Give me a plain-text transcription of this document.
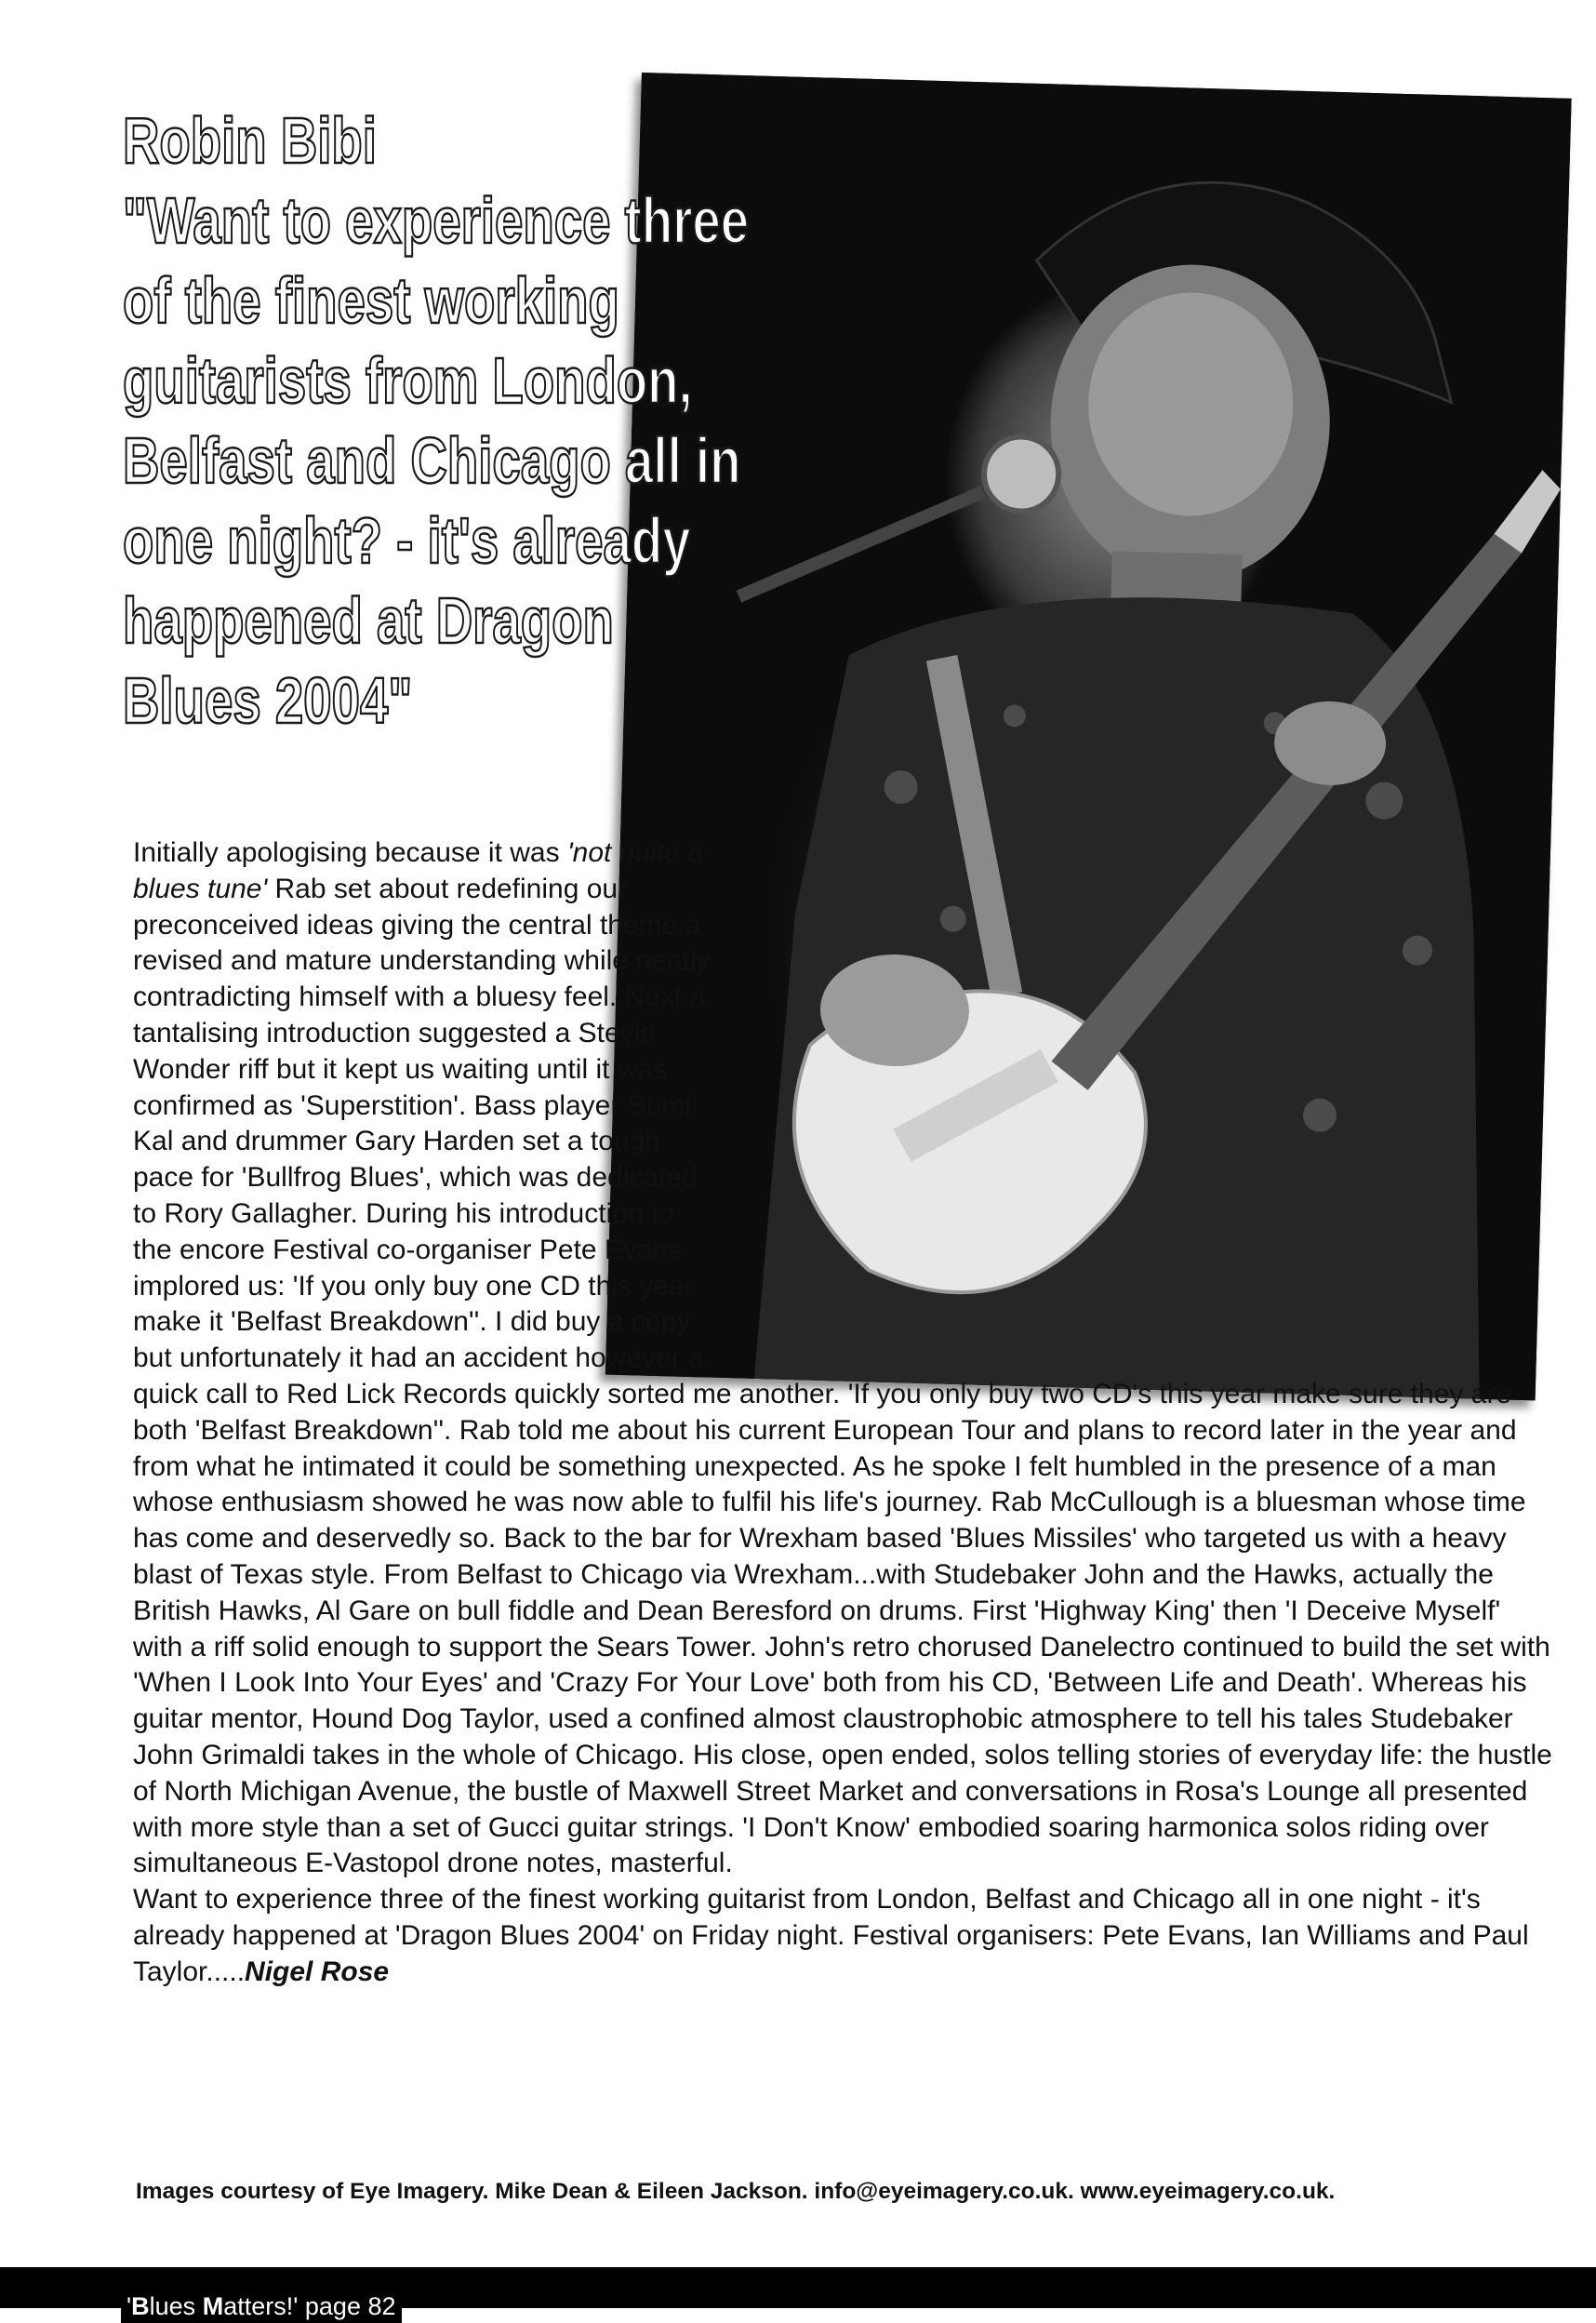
Robin Bibi
"Want to experience three
of the finest working
guitarists from London,
Belfast and Chicago all in
one night? - it's already
happened at Dragon
Blues 2004"

Initially apologising because it was 'not quite a blues tune' Rab set about redefining our preconceived ideas giving the central theme a revised and mature understanding while neatly contradicting himself with a bluesy feel. Next a tantalising introduction suggested a Stevie Wonder riff but it kept us waiting until it was confirmed as 'Superstition'. Bass player Sumi Kal and drummer Gary Harden set a tough pace for 'Bullfrog Blues', which was dedicated to Rory Gallagher. During his introduction to the encore Festival co-organiser Pete Evans implored us: 'If you only buy one CD this year make it 'Belfast Breakdown''. I did buy a copy but unfortunately it had an accident however a quick call to Red Lick Records quickly sorted me another. 'If you only buy two CD's this year make sure they are both 'Belfast Breakdown''. Rab told me about his current European Tour and plans to record later in the year and from what he intimated it could be something unexpected. As he spoke I felt humbled in the presence of a man whose enthusiasm showed he was now able to fulfil his life's journey. Rab McCullough is a bluesman whose time has come and deservedly so. Back to the bar for Wrexham based 'Blues Missiles' who targeted us with a heavy blast of Texas style. From Belfast to Chicago via Wrexham...with Studebaker John and the Hawks, actually the British Hawks, Al Gare on bull fiddle and Dean Beresford on drums. First 'Highway King' then 'I Deceive Myself' with a riff solid enough to support the Sears Tower. John's retro chorused Danelectro continued to build the set with 'When I Look Into Your Eyes' and 'Crazy For Your Love' both from his CD, 'Between Life and Death'. Whereas his guitar mentor, Hound Dog Taylor, used a confined almost claustrophobic atmosphere to tell his tales Studebaker John Grimaldi takes in the whole of Chicago. His close, open ended, solos telling stories of everyday life: the hustle of North Michigan Avenue, the bustle of Maxwell Street Market and conversations in Rosa's Lounge all presented with more style than a set of Gucci guitar strings. 'I Don't Know' embodied soaring harmonica solos riding over simultaneous E-Vastopol drone notes, masterful.

Want to experience three of the finest working guitarist from London, Belfast and Chicago all in one night - it's already happened at 'Dragon Blues 2004' on Friday night. Festival organisers: Pete Evans, Ian Williams and Paul Taylor.....Nigel Rose

Images courtesy of Eye Imagery. Mike Dean & Eileen Jackson. info@eyeimagery.co.uk. www.eyeimagery.co.uk.

'Blues Matters!' page 82
